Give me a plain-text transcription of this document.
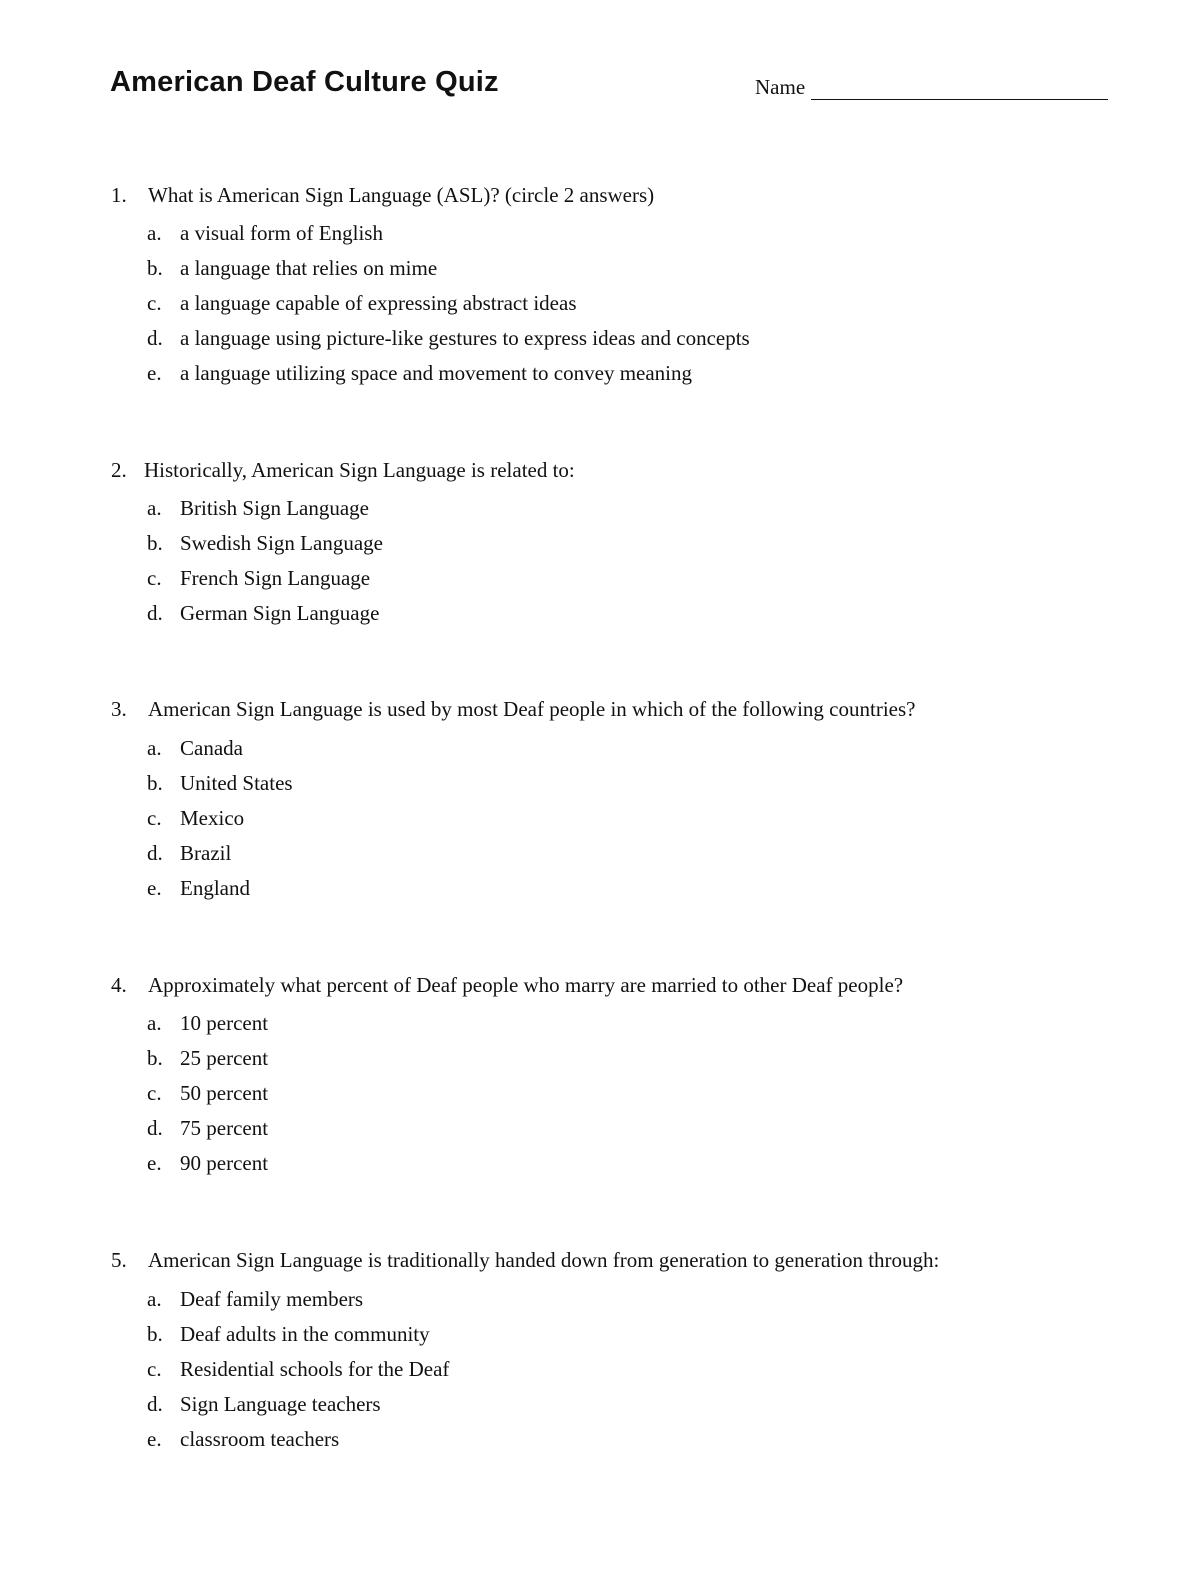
American Deaf Culture Quiz	Name
1. What is American Sign Language (ASL)? (circle 2 answers)
a. a visual form of English
b. a language that relies on mime
c. a language capable of expressing abstract ideas
d. a language using picture-like gestures to express ideas and concepts
e. a language utilizing space and movement to convey meaning
2. Historically, American Sign Language is related to:
a. British Sign Language
b. Swedish Sign Language
c. French Sign Language
d. German Sign Language
3. American Sign Language is used by most Deaf people in which of the following countries?
a. Canada
b. United States
c. Mexico
d. Brazil
e. England
4. Approximately what percent of Deaf people who marry are married to other Deaf people?
a. 10 percent
b. 25 percent
c. 50 percent
d. 75 percent
e. 90 percent
5. American Sign Language is traditionally handed down from generation to generation through:
a. Deaf family members
b. Deaf adults in the community
c. Residential schools for the Deaf
d. Sign Language teachers
e. classroom teachers
